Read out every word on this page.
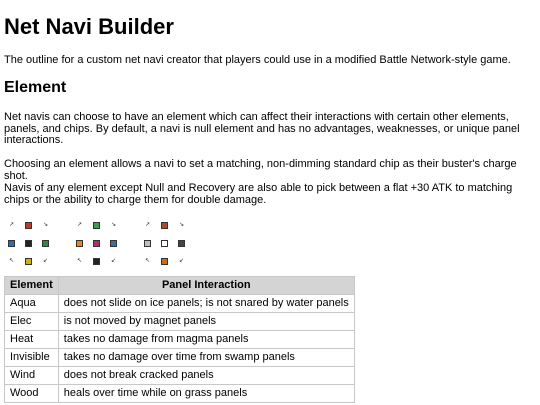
Net Navi Builder

The outline for a custom net navi creator that players could use in a modified Battle Network-style game.

Element

Net navis can choose to have an element which can affect their interactions with certain other elements, panels, and chips. By default, a navi is null element and has no advantages, weaknesses, or unique panel interactions.

Choosing an element allows a navi to set a matching, non-dimming standard chip as their buster's charge shot.

Navis of any element except Null and Recovery are also able to pick between a flat +30 ATK to matching chips or the ability to charge them for double damage.

↗	↘
↖	↙
↗	↘
↖	↙
↗	↘
↖	↙
Element	Panel Interaction
Aqua	does not slide on ice panels; is not snared by water panels
Elec	is not moved by magnet panels
Heat	takes no damage from magma panels
Invisible	takes no damage over time from swamp panels
Wind	does not break cracked panels
Wood	heals over time while on grass panels
